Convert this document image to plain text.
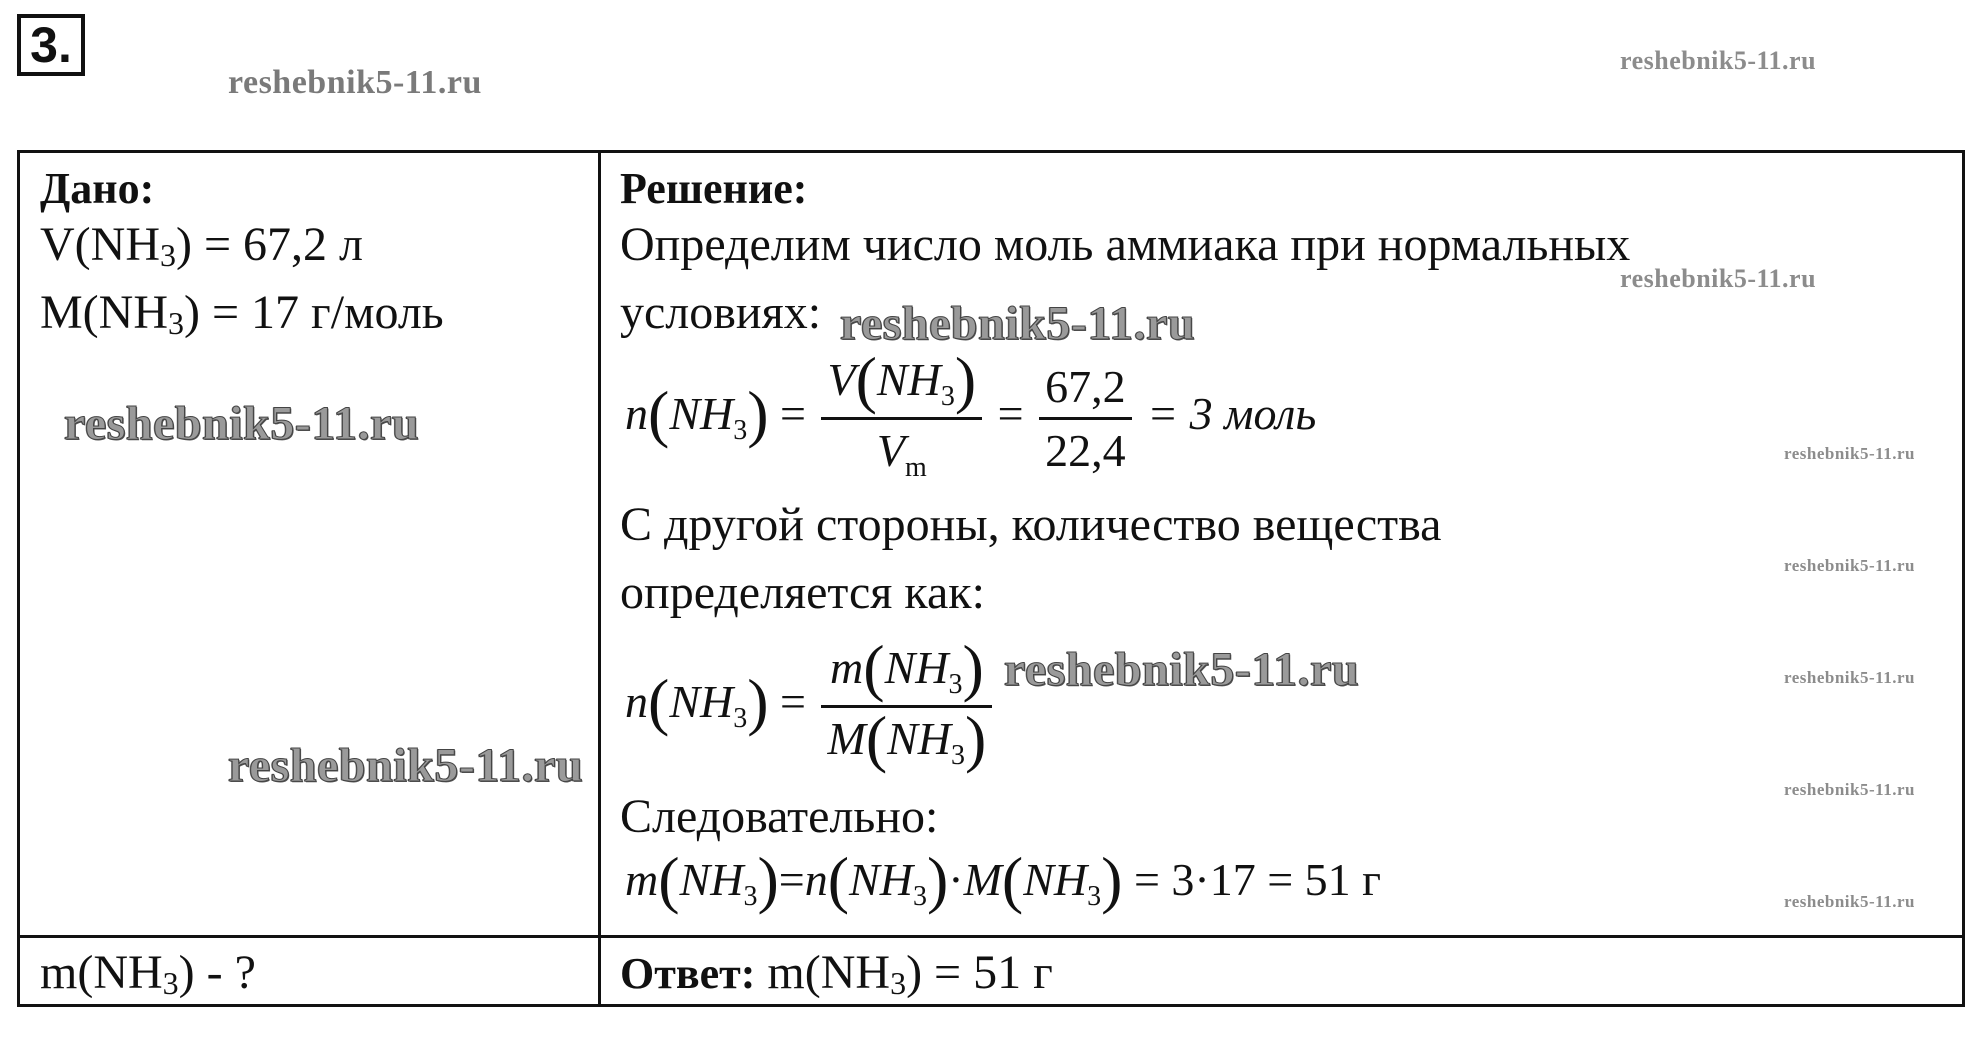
3.
reshebnik5-11.ru
reshebnik5-11.ru
reshebnik5-11.ru
reshebnik5-11.ru
reshebnik5-11.ru
reshebnik5-11.ru
reshebnik5-11.ru
reshebnik5-11.ru
reshebnik5-11.ru
reshebnik5-11.ru
reshebnik5-11.ru
reshebnik5-11.ru
Дано:
$V(NH_3) = 67,2$ л
$M(NH_3) = 17$ г/моль
$m(NH_3)$ - ?
Решение:
Определим число моль аммиака при нормальных
условиях:
$n(NH_3) = \frac{V(NH_3)}{V_m} = \frac{67,2}{22,4} = 3$ моль
С другой стороны, количество вещества
определяется как:
$n(NH_3) = \frac{m(NH_3)}{M(NH_3)}$
Следовательно:
$m(NH_3)=n(NH_3)\cdot M(NH_3) = 3\cdot 17 = 51$ г
Ответ: $m(NH_3) = 51$ г
